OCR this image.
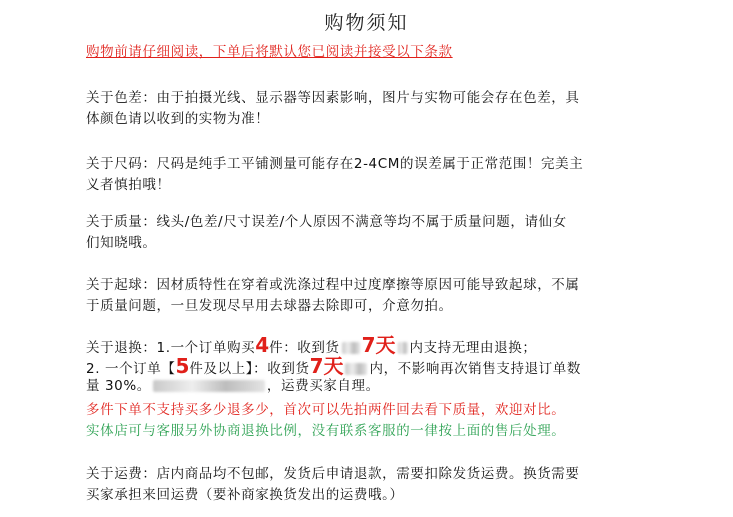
购物须知
购物前请仔细阅读，下单后将默认您已阅读并接受以下条款
关于色差：由于拍摄光线、显示器等因素影响，图片与实物可能会存在色差，具
体颜色请以收到的实物为准！
关于尺码：尺码是纯手工平铺测量可能存在2-4CM的误差属于正常范围！完美主
义者慎拍哦！
关于质量：线头/色差/尺寸误差/个人原因不满意等均不属于质量问题，请仙女
们知晓哦。
关于起球：因材质特性在穿着或洗涤过程中过度摩擦等原因可能导致起球，不属
于质量问题，一旦发现尽早用去球器去除即可，介意勿拍。
关于退换：1.一个订单购买4件：收到货 7天 内支持无理由退换；
2. 一个订单【5件及以上】：收到货7天 内，不影响再次销售支持退订单数
量 30%。	，运费买家自理。
多件下单不支持买多少退多少，首次可以先拍两件回去看下质量，欢迎对比。
实体店可与客服另外协商退换比例，没有联系客服的一律按上面的售后处理。
关于运费：店内商品均不包邮，发货后申请退款，需要扣除发货运费。换货需要
买家承担来回运费（要补商家换货发出的运费哦。）
